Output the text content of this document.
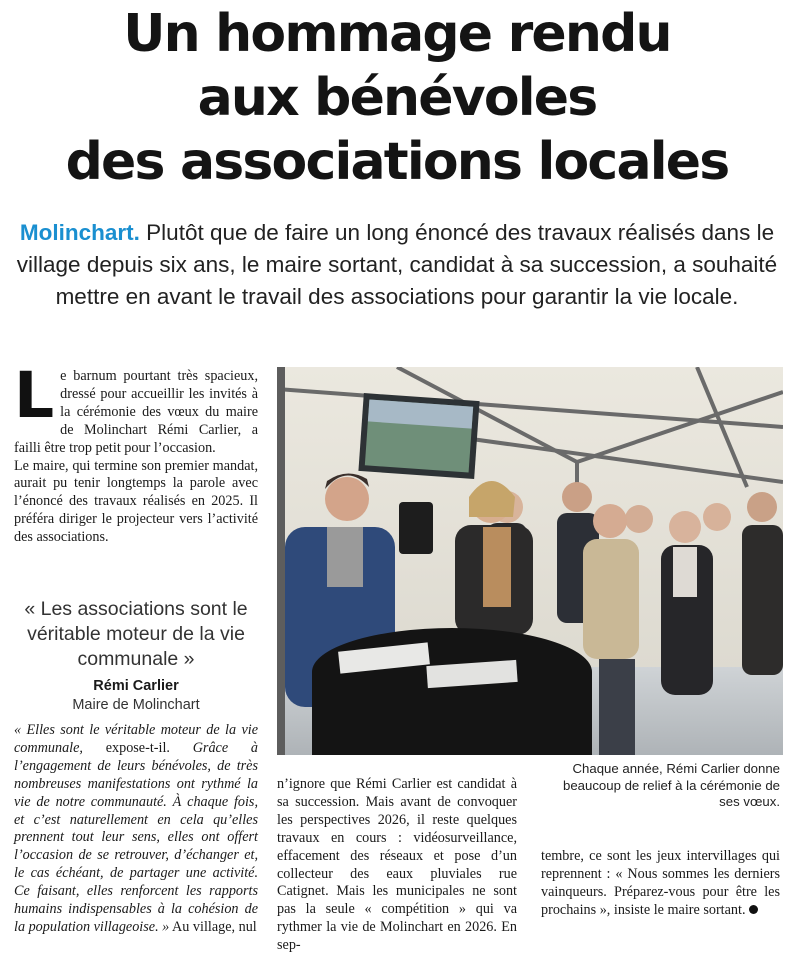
Un hommage rendu
aux bénévoles
des associations locales

Molinchart. Plutôt que de faire un long énoncé des travaux réalisés dans le village depuis six ans, le maire sortant, candidat à sa succession, a souhaité mettre en avant le travail des associations pour garantir la vie locale.

Le barnum pourtant très spacieux, dressé pour accueillir les invités à la cérémonie des vœux du maire de Molinchart Rémi Carlier, a failli être trop petit pour l’occasion.

Le maire, qui termine son premier mandat, aurait pu tenir longtemps la parole avec l’énoncé des travaux réalisés en 2025. Il préféra diriger le projecteur vers l’activité des associations.

« Les associations sont le véritable moteur de la vie communale »
Rémi Carlier
Maire de Molinchart

« Elles sont le véritable moteur de la vie communale, expose-t-il. Grâce à l’engagement de leurs bénévoles, de très nombreuses manifestations ont rythmé la vie de notre communauté. À chaque fois, et c’est naturellement en cela qu’elles prennent tout leur sens, elles ont offert l’occasion de se retrouver, d’échanger et, le cas échéant, de partager une activité. Ce faisant, elles renforcent les rapports humains indispensables à la cohésion de la population villageoise. » Au village, nul

Chaque année, Rémi Carlier donne beaucoup de relief à la cérémonie de ses vœux.

n’ignore que Rémi Carlier est candidat à sa succession. Mais avant de convoquer les perspectives 2026, il reste quelques travaux en cours : vidéosurveillance, effacement des réseaux et pose d’un collecteur des eaux pluviales rue Catignet. Mais les municipales ne sont pas la seule « compétition » qui va rythmer la vie de Molinchart en 2026. En sep-

tembre, ce sont les jeux intervillages qui reprennent : « Nous sommes les derniers vainqueurs. Préparez-vous pour être les prochains », insiste le maire sortant.
